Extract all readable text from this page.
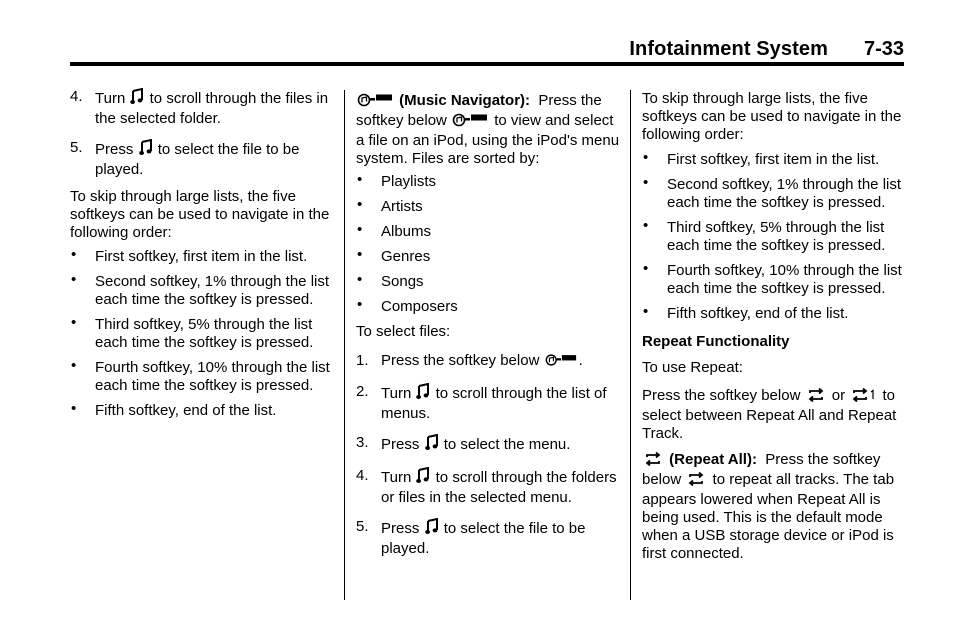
Infotainment System 7-33
4. Turn to scroll through the files in the selected folder.
5. Press to select the file to be played.
To skip through large lists, the five softkeys can be used to navigate in the following order:
• First softkey, first item in the list.
• Second softkey, 1% through the list each time the softkey is pressed.
• Third softkey, 5% through the list each time the softkey is pressed.
• Fourth softkey, 10% through the list each time the softkey is pressed.
• Fifth softkey, end of the list.
(Music Navigator): Press the softkey below	to view and select a file on an iPod, using the iPod's menu system. Files are sorted by:
• Playlists
• Artists
• Albums
• Genres
• Songs
• Composers
To select files:
1. Press the softkey below	.
2. Turn to scroll through the list of menus.
3. Press to select the menu.
4. Turn to scroll through the folders or files in the selected menu.
5. Press to select the file to be played.
To skip through large lists, the five softkeys can be used to navigate in the following order:
• First softkey, first item in the list.
• Second softkey, 1% through the list each time the softkey is pressed.
• Third softkey, 5% through the list each time the softkey is pressed.
• Fourth softkey, 10% through the list each time the softkey is pressed.
• Fifth softkey, end of the list.
Repeat Functionality
To use Repeat:
Press the softkey below or to select between Repeat All and Repeat Track.
(Repeat All): Press the softkey below to repeat all tracks. The tab appears lowered when Repeat All is being used. This is the default mode when a USB storage device or iPod is first connected.
